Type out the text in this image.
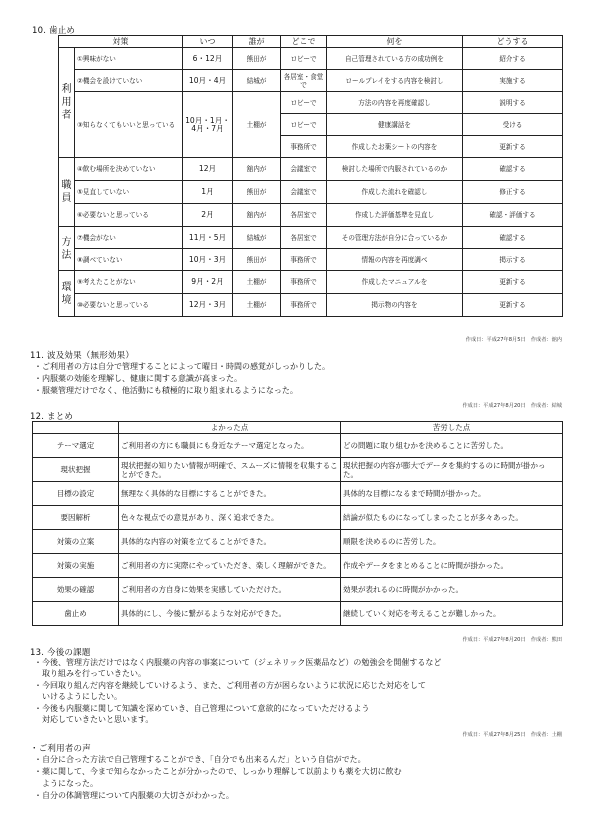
10. 歯止め
対策		いつ	誰が	どこで	何を	どうする
利用者	①興味がない	6・12月	熊田が	ロビーで	自己管理されている方の成功例を	紹介する
	②機会を設けていない	10月・4月	結城が	各居室・食堂で	ロールプレイをする内容を検討し	実施する
	③知らなくてもいいと思っている	10月・1月・4月・7月	土棚が	ロビーで	方法の内容を再度確認し	説明する
				ロビーで	健康講話を	受ける
				事務所で	作成したお薬シートの内容を	更新する
職員	④飲む場所を決めていない	12月	舘内が	会議室で	検討した場所で内服されているのか	確認する
	⑤見直していない	1月	熊田が	会議室で	作成した流れを確認し	修正する
	⑥必要ないと思っている	2月	舘内が	各居室で	作成した評価基準を見直し	確認・評価する
方法	⑦機会がない	11月・5月	結城が	各居室で	その管理方法が自分に合っているか	確認する
	⑧調べていない	10月・3月	熊田が	事務所で	情報の内容を再度調べ	掲示する
環境	⑨考えたことがない	9月・2月	土棚が	事務所で	作成したマニュアルを	更新する
	⑩必要ないと思っている	12月・3月	土棚が	事務所で	掲示物の内容を	更新する
作成日：平成27年8月5日　作成者：舘内
11. 波及効果（無形効果）
・ご利用者の方は自分で管理することによって曜日・時間の感覚がしっかりした。
・内服薬の効能を理解し、健康に関する意識が高まった。
・服薬管理だけでなく、他活動にも積極的に取り組まれるようになった。
作成日：平成27年8月20日　作成者：結城
12. まとめ
	よかった点	苦労した点
テーマ選定	ご利用者の方にも職員にも身近なテーマ選定となった。	どの問題に取り組むかを決めることに苦労した。
現状把握	現状把握の知りたい情報が明確で、スムーズに情報を収集することができた。	現状把握の内容が膨大でデータを集約するのに時間が掛かった。
目標の設定	無理なく具体的な目標にすることができた。	具体的な目標になるまで時間が掛かった。
要因解析	色々な視点での意見があり、深く追求できた。	結論が似たものになってしまったことが多々あった。
対策の立案	具体的な内容の対策を立てることができた。	順限を決めるのに苦労した。
対策の実施	ご利用者の方に実際にやっていただき、楽しく理解ができた。	作成やデータをまとめることに時間が掛かった。
効果の確認	ご利用者の方自身に効果を実感していただけた。	効果が表れるのに時間がかかった。
歯止め	具体的にし、今後に繋がるような対応ができた。	継続していく対応を考えることが難しかった。
作成日：平成27年8月20日　作成者：熊田
13. 今後の課題
・今後、管理方法だけではなく内服薬の内容の事案について（ジェネリック医薬品など）の勉強会を開催するなど
　取り組みを行っていきたい。
・今回取り組んだ内容を継続していけるよう、また、ご利用者の方が困らないように状況に応じた対応をして
　いけるようにしたい。
・今後も内服薬に関して知識を深めていき、自己管理について意欲的になっていただけるよう
　対応していきたいと思います。
作成日：平成27年8月25日　作成者：土棚
・ご利用者の声
・自分に合った方法で自己管理することができ、「自分でも出来るんだ」という自信がでた。
・薬に関して、今まで知らなかったことが分かったので、しっかり理解して以前よりも薬を大切に飲む
　ようになった。
・自分の体調管理について内服薬の大切さがわかった。
